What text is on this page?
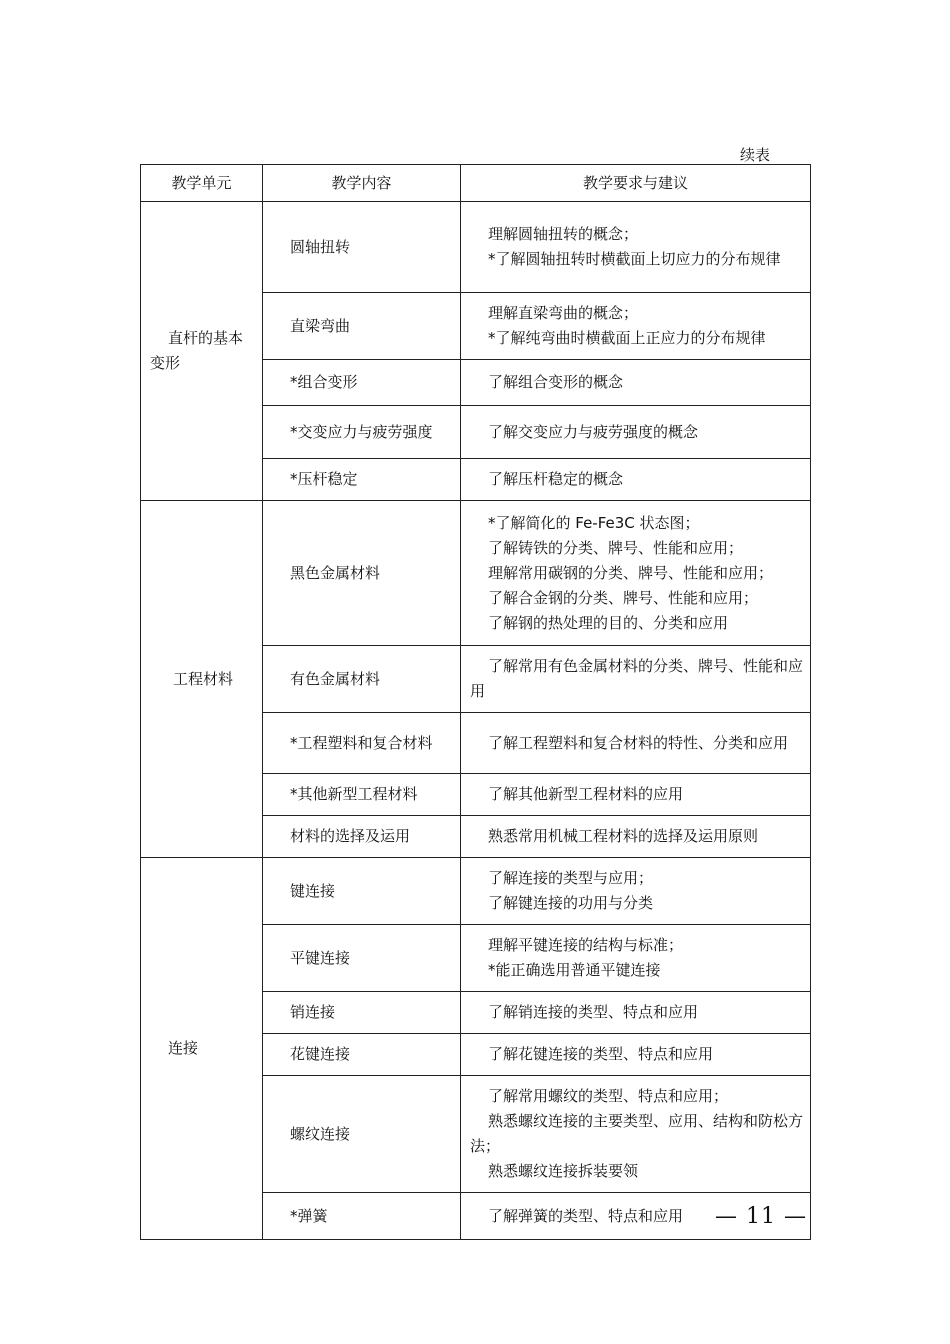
续表
教学单元	教学内容	教学要求与建议
直杆的基本变形	圆轴扭转	理解圆轴扭转的概念；

*了解圆轴扭转时横截面上切应力的分布规律

	直梁弯曲	理解直梁弯曲的概念；

*了解纯弯曲时横截面上正应力的分布规律

	*组合变形	了解组合变形的概念

	*交变应力与疲劳强度	了解交变应力与疲劳强度的概念

	*压杆稳定	了解压杆稳定的概念

工程材料	黑色金属材料	*了解简化的 Fe-Fe3C 状态图；

了解铸铁的分类、牌号、性能和应用；

理解常用碳钢的分类、牌号、性能和应用；

了解合金钢的分类、牌号、性能和应用；

了解钢的热处理的目的、分类和应用

	有色金属材料	了解常用有色金属材料的分类、牌号、性能和应用

	*工程塑料和复合材料	了解工程塑料和复合材料的特性、分类和应用

	*其他新型工程材料	了解其他新型工程材料的应用

	材料的选择及运用	熟悉常用机械工程材料的选择及运用原则

连接	键连接	了解连接的类型与应用；

了解键连接的功用与分类

	平键连接	理解平键连接的结构与标准；

*能正确选用普通平键连接

	销连接	了解销连接的类型、特点和应用

	花键连接	了解花键连接的类型、特点和应用

	螺纹连接	了解常用螺纹的类型、特点和应用；

熟悉螺纹连接的主要类型、应用、结构和防松方法；

熟悉螺纹连接拆装要领

	*弹簧	了解弹簧的类型、特点和应用	— 11 —
